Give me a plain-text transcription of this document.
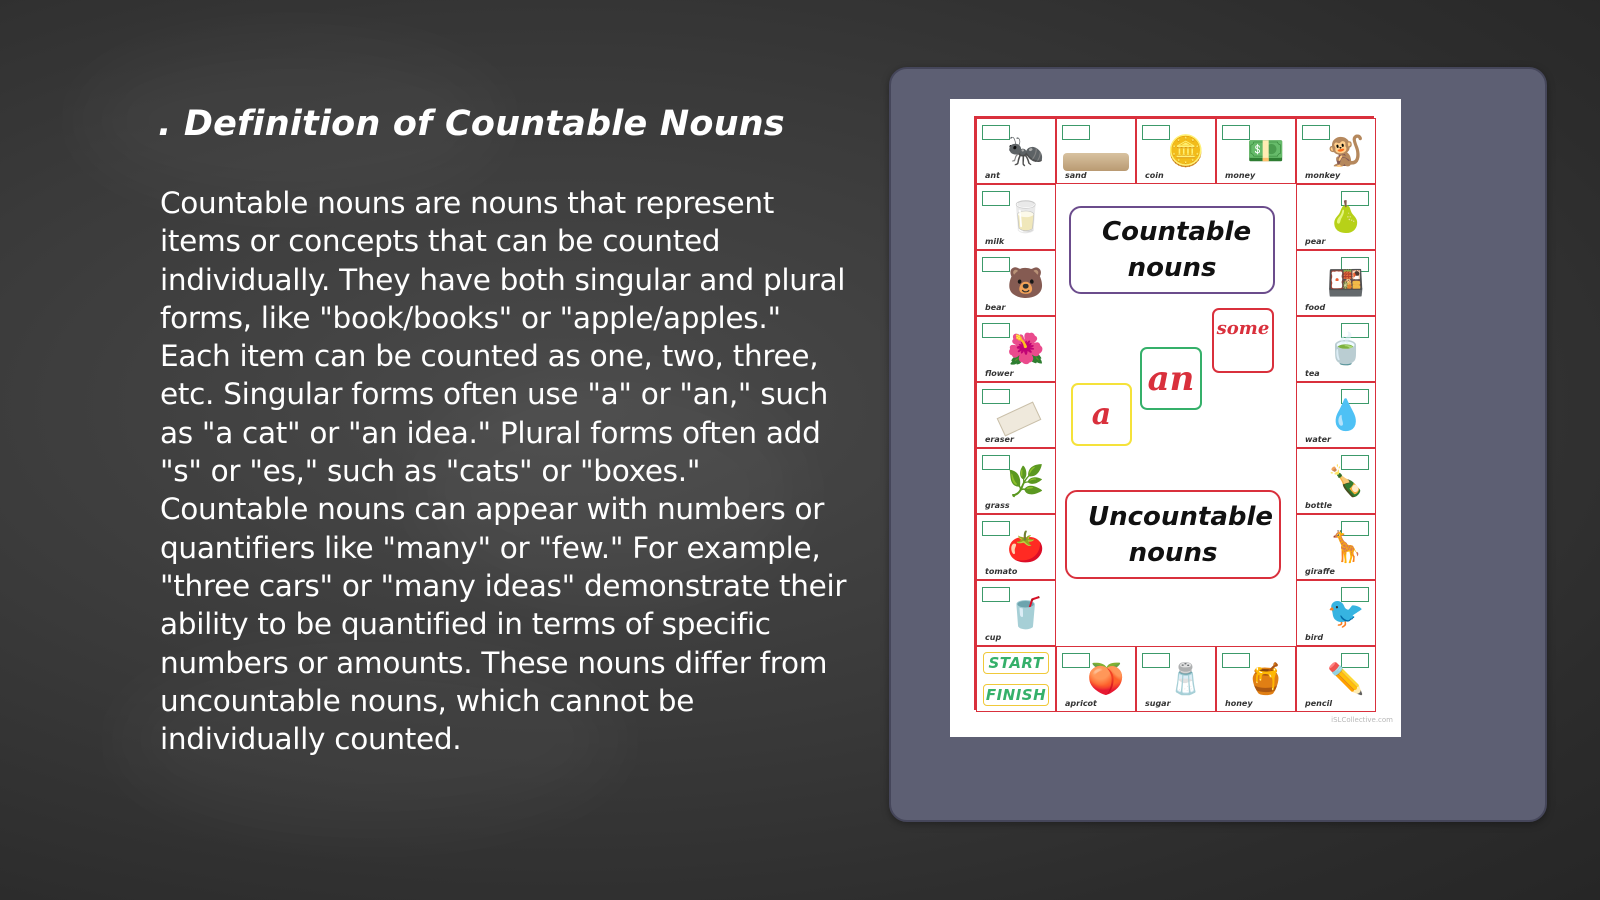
. Definition of Countable Nouns

Countable nouns are nouns that represent items or concepts that can be counted individually. They have both singular and plural forms, like "book/books" or "apple/apples." Each item can be counted as one, two, three, etc. Singular forms often use "a" or "an," such as "a cat" or "an idea." Plural forms often add "s" or "es," such as "cats" or "boxes." Countable nouns can appear with numbers or quantifiers like "many" or "few." For example, "three cars" or "many ideas" demonstrate their ability to be quantified in terms of specific numbers or amounts. These nouns differ from uncountable nouns, which cannot be individually counted.

Countable nouns
Uncountable nouns
a
an
some
🐜
ant	sand
🪙
coin
💵
money
🐒
monkey
🥛
milk
🍐
pear
🐻
bear
🍱
food
🌺
flower
🍵
tea
eraser
💧
water
🌿
grass
🍾
bottle
🍅
tomato
🦒
giraffe
🥤
cup
🐦
bird
🍑
apricot
🧂
sugar
🍯
honey
✏️
pencil
START
FINISH
iSLCollective.com
